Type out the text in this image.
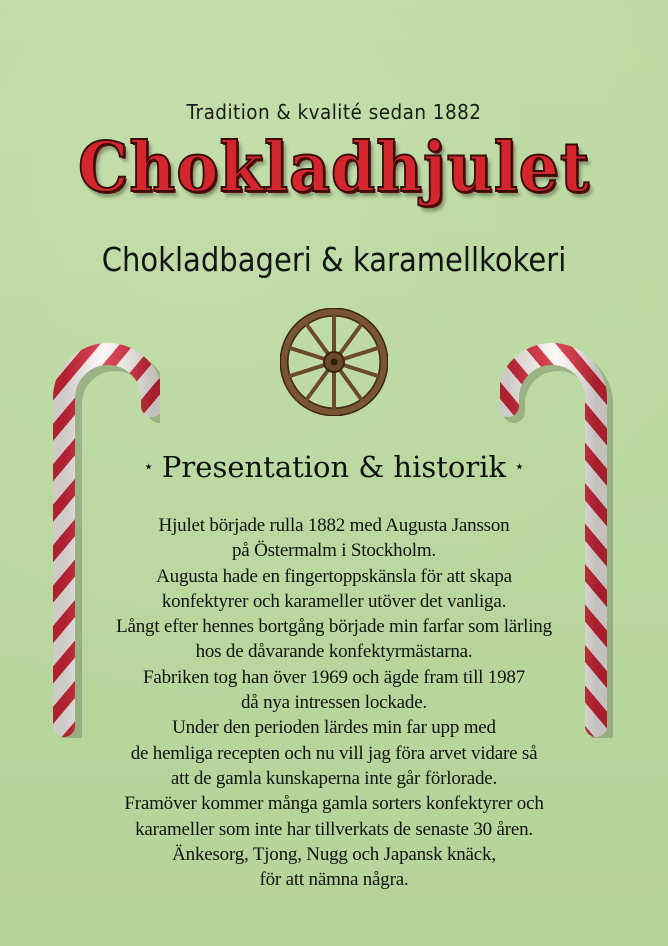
Tradition & kvalité sedan 1882
Chokladhjulet
Chokladbageri & karamellkokeri
⋆ Presentation & historik ⋆
Hjulet började rulla 1882 med Augusta Jansson
på Östermalm i Stockholm.
Augusta hade en fingertoppskänsla för att skapa
konfektyrer och karameller utöver det vanliga.
Långt efter hennes bortgång började min farfar som lärling
hos de dåvarande konfektyrmästarna.
Fabriken tog han över 1969 och ägde fram till 1987
då nya intressen lockade.
Under den perioden lärdes min far upp med
de hemliga recepten och nu vill jag föra arvet vidare så
att de gamla kunskaperna inte går förlorade.
Framöver kommer många gamla sorters konfektyrer och
karameller som inte har tillverkats de senaste 30 åren.
Änkesorg, Tjong, Nugg och Japansk knäck,
för att nämna några.
